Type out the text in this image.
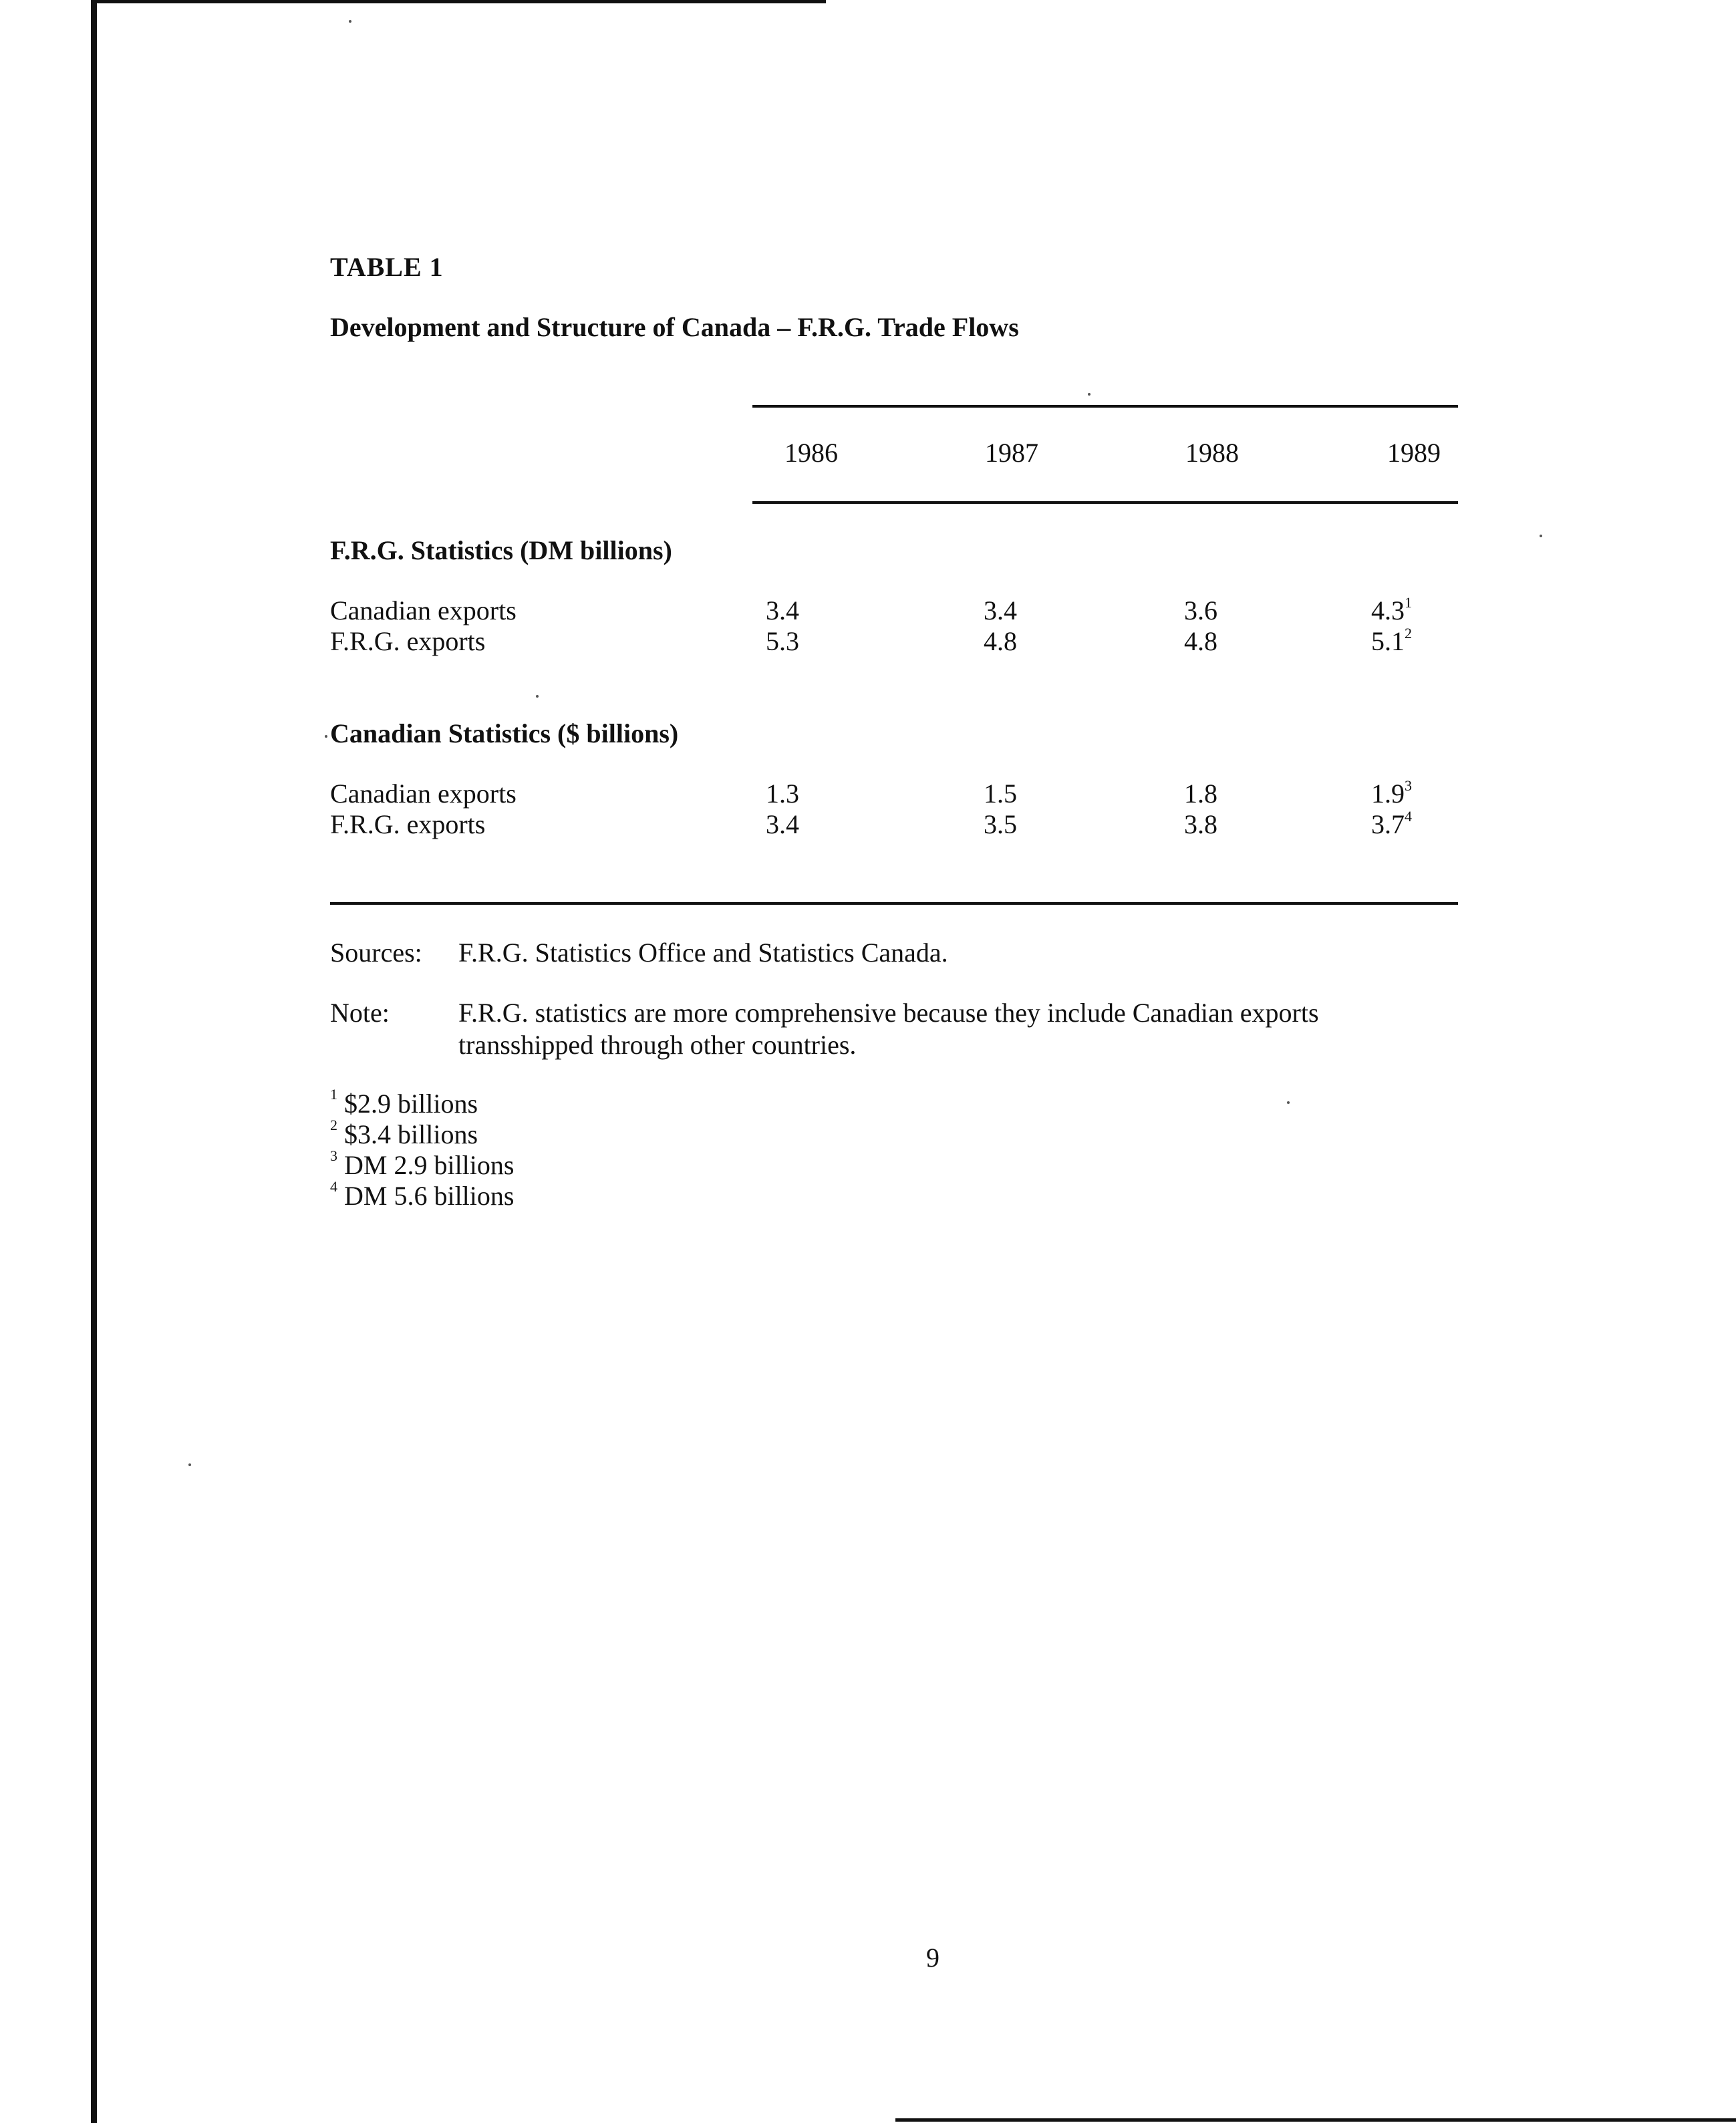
TABLE 1
Development and Structure of Canada – F.R.G. Trade Flows
1986	1987	1988	1989
F.R.G. Statistics (DM billions)
Canadian exports	3.4	3.4	3.6	$4.3^1$
F.R.G. exports	5.3	4.8	4.8	$5.1^2$
Canadian Statistics ($ billions)
Canadian exports	1.3	1.5	1.8	$1.9^3$
F.R.G. exports	3.4	3.5	3.8	$3.7^4$
Sources: F.R.G. Statistics Office and Statistics Canada.
Note:	F.R.G. statistics are more comprehensive because they include Canadian exports
transshipped through other countries.
$^1$ $2.9 billions
$^2$ $3.4 billions
$^3$ DM 2.9 billions
$^4$ DM 5.6 billions
9
